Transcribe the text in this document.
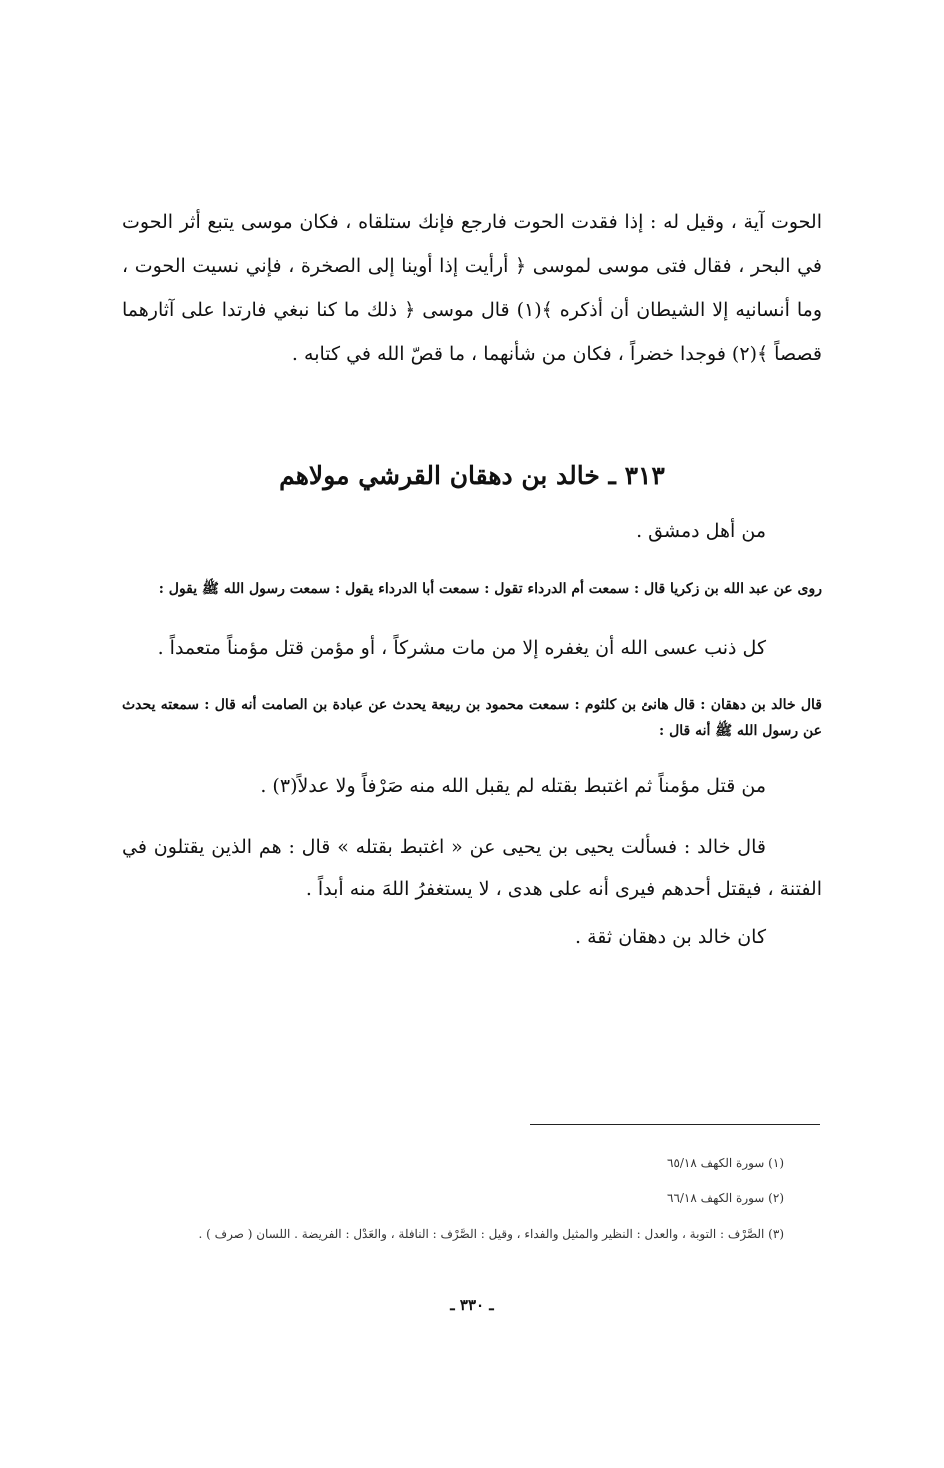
الحوت آية ، وقيل له : إذا فقدت الحوت فارجع فإنك ستلقاه ، فكان موسى يتبع أثر الحوت في البحر ، فقال فتى موسى لموسى ﴿ أرأيت إذا أوينا إلى الصخرة ، فإني نسيت الحوت ، وما أنسانيه إلا الشيطان أن أذكره ﴾(١) قال موسى ﴿ ذلك ما كنا نبغي فارتدا على آثارهما قصصاً ﴾(٢) فوجدا خضراً ، فكان من شأنهما ، ما قصّ الله في كتابه .

٣١٣ ـ خالد بن دهقان القرشي مولاهم
من أهل دمشق .

روى عن عبد الله بن زكريا قال : سمعت أم الدرداء تقول : سمعت أبا الدرداء يقول : سمعت رسول الله ﷺ يقول :

كل ذنب عسى الله أن يغفره إلا من مات مشركاً ، أو مؤمن قتل مؤمناً متعمداً .

قال خالد بن دهقان : قال هانئ بن كلثوم : سمعت محمود بن ربيعة يحدث عن عبادة بن الصامت أنه قال : سمعته يحدث عن رسول الله ﷺ أنه قال :

من قتل مؤمناً ثم اغتبط بقتله لم يقبل الله منه صَرْفاً ولا عدلاً(٣) .

قال خالد : فسألت يحيى بن يحيى عن « اغتبط بقتله » قال : هم الذين يقتلون في الفتنة ، فيقتل أحدهم فيرى أنه على هدى ، لا يستغفرُ اللهَ منه أبداً .

كان خالد بن دهقان ثقة .
(١) سورة الكهف ٦٥/١٨
(٢) سورة الكهف ٦٦/١٨
(٣) الصَّرْف : التوبة ، والعدل : النظير والمثيل والفداء ، وقيل : الصَّرْف : النافلة ، والعَدْل : الفريضة . اللسان ( صرف ) .
ـ ٣٣٠ ـ
